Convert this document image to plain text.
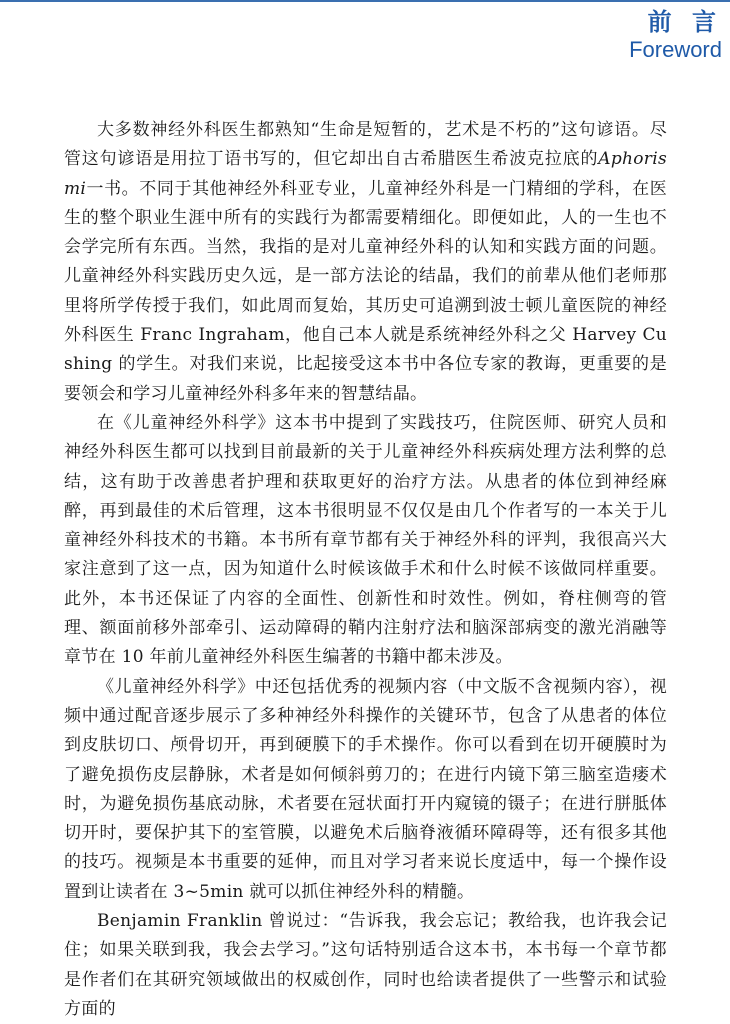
前 言
Foreword

大多数神经外科医生都熟知“生命是短暂的，艺术是不朽的”这句谚语。尽管这句谚语是用拉丁语书写的，但它却出自古希腊医生希波克拉底的Aphorismi一书。不同于其他神经外科亚专业，儿童神经外科是一门精细的学科，在医生的整个职业生涯中所有的实践行为都需要精细化。即便如此，人的一生也不会学完所有东西。当然，我指的是对儿童神经外科的认知和实践方面的问题。儿童神经外科实践历史久远，是一部方法论的结晶，我们的前辈从他们老师那里将所学传授于我们，如此周而复始，其历史可追溯到波士顿儿童医院的神经外科医生 Franc Ingraham，他自己本人就是系统神经外科之父 Harvey Cushing 的学生。对我们来说，比起接受这本书中各位专家的教诲，更重要的是要领会和学习儿童神经外科多年来的智慧结晶。

在《儿童神经外科学》这本书中提到了实践技巧，住院医师、研究人员和神经外科医生都可以找到目前最新的关于儿童神经外科疾病处理方法利弊的总结，这有助于改善患者护理和获取更好的治疗方法。从患者的体位到神经麻醉，再到最佳的术后管理，这本书很明显不仅仅是由几个作者写的一本关于儿童神经外科技术的书籍。本书所有章节都有关于神经外科的评判，我很高兴大家注意到了这一点，因为知道什么时候该做手术和什么时候不该做同样重要。此外，本书还保证了内容的全面性、创新性和时效性。例如，脊柱侧弯的管理、额面前移外部牵引、运动障碍的鞘内注射疗法和脑深部病变的激光消融等章节在 10 年前儿童神经外科医生编著的书籍中都未涉及。

《儿童神经外科学》中还包括优秀的视频内容（中文版不含视频内容），视频中通过配音逐步展示了多种神经外科操作的关键环节，包含了从患者的体位到皮肤切口、颅骨切开，再到硬膜下的手术操作。你可以看到在切开硬膜时为了避免损伤皮层静脉，术者是如何倾斜剪刀的；在进行内镜下第三脑室造瘘术时，为避免损伤基底动脉，术者要在冠状面打开内窥镜的镊子；在进行胼胝体切开时，要保护其下的室管膜，以避免术后脑脊液循环障碍等，还有很多其他的技巧。视频是本书重要的延伸，而且对学习者来说长度适中，每一个操作设置到让读者在 3~5min 就可以抓住神经外科的精髓。

Benjamin Franklin 曾说过：“告诉我，我会忘记；教给我，也许我会记住；如果关联到我，我会去学习。”这句话特别适合这本书，本书每一个章节都是作者们在其研究领域做出的权威创作，同时也给读者提供了一些警示和试验方面的
